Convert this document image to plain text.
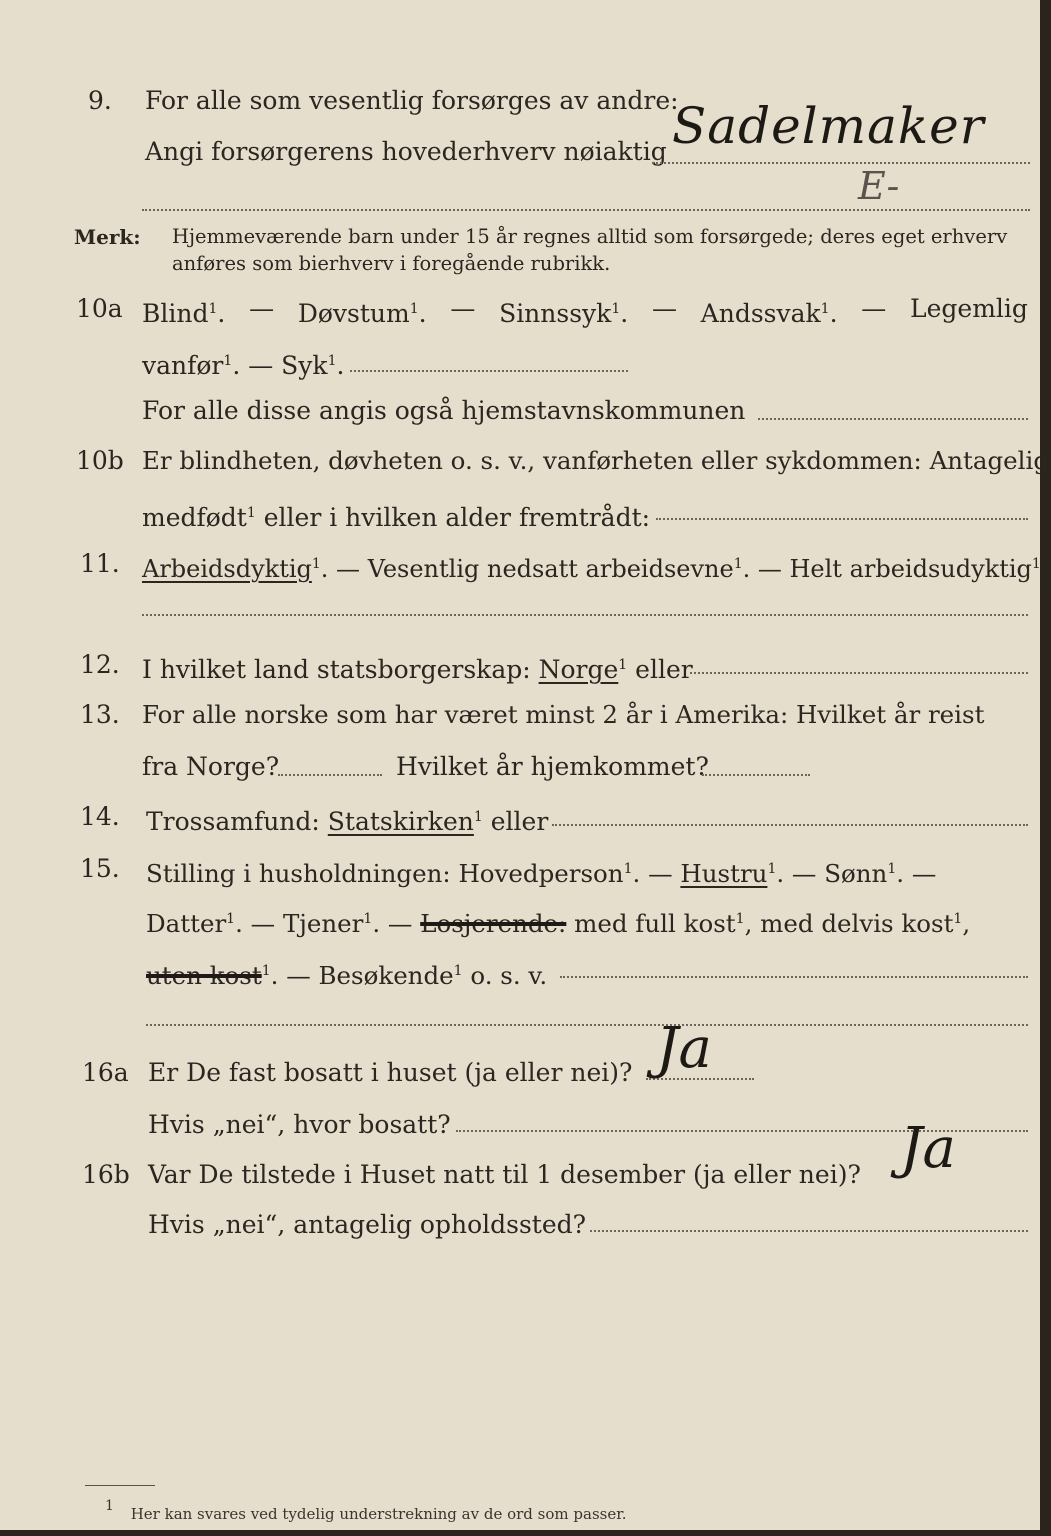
9. For alle som vesentlig forsørges av andre:
Angi forsørgerens hovederhverv nøiaktig Sadelmaker
E-
Merk: Hjemmeværende barn under 15 år regnes alltid som forsørgede; deres eget erhverv
anføres som bierhverv i foregående rubrikk.
10a Blind$^1$. — Døvstum$^1$. — Sinnssyk$^1$. — Andssvak$^1$. — Legemlig
vanfør$^1$. — Syk$^1$.
For alle disse angis også hjemstavnskommunen
10b Er blindheten, døvheten o. s. v., vanførheten eller sykdommen: Antagelig
medfødt$^1$ eller i hvilken alder fremtrådt:
11. Arbeidsdyktig$^1$. — Vesentlig nedsatt arbeidsevne$^1$. — Helt arbeidsudyktig$^1$.
12. I hvilket land statsborgerskap: Norge$^1$ eller
13. For alle norske som har været minst 2 år i Amerika: Hvilket år reist
fra Norge?	Hvilket år hjemkommet?
14. Trossamfund: Statskirken$^1$ eller
15. Stilling i husholdningen: Hovedperson$^1$. — Hustru$^1$. — Sønn$^1$. —
Datter$^1$. — Tjener$^1$. — Losjerende: med full kost$^1$, med delvis kost$^1$,
uten kost$^1$. — Besøkende$^1$ o. s. v.
16a Er De fast bosatt i huset (ja eller nei)? Ja
Hvis „nei“, hvor bosatt?
16b Var De tilstede i Huset natt til 1 desember (ja eller nei)? Ja
Hvis „nei“, antagelig opholdssted?
1 Her kan svares ved tydelig understrekning av de ord som passer.
